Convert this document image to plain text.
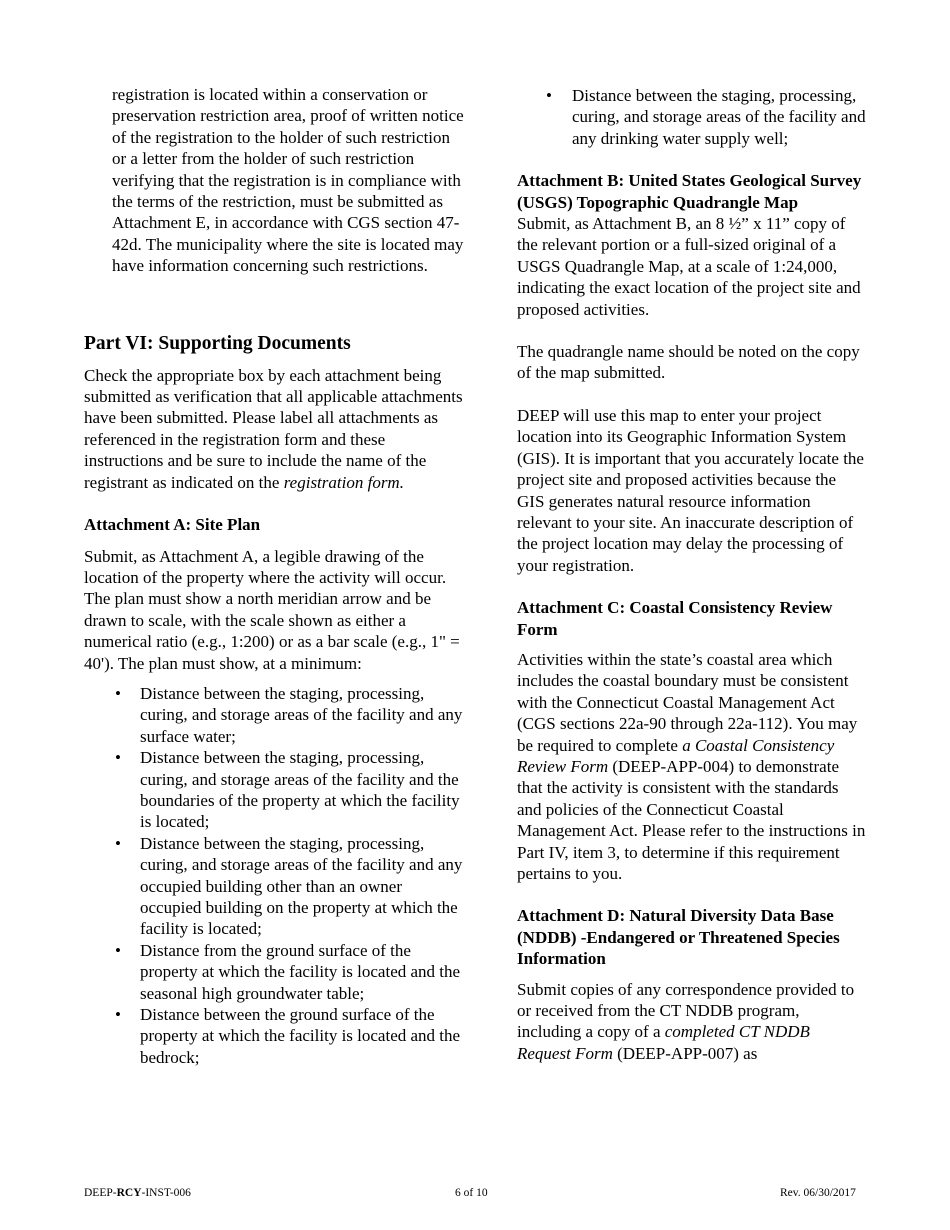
registration is located within a conservation or preservation restriction area, proof of written notice of the registration to the holder of such restriction or a letter from the holder of such restriction verifying that the registration is in compliance with the terms of the restriction, must be submitted as Attachment E, in accordance with CGS section 47-42d. The municipality where the site is located may have information concerning such restrictions.

Part VI: Supporting Documents

Check the appropriate box by each attachment being submitted as verification that all applicable attachments have been submitted. Please label all attachments as referenced in the registration form and these instructions and be sure to include the name of the registrant as indicated on the registration form.

Attachment A: Site Plan

Submit, as Attachment A, a legible drawing of the location of the property where the activity will occur. The plan must show a north meridian arrow and be drawn to scale, with the scale shown as either a numerical ratio (e.g., 1:200) or as a bar scale (e.g., 1" = 40'). The plan must show, at a minimum:

• Distance between the staging, processing, curing, and storage areas of the facility and any surface water;
• Distance between the staging, processing, curing, and storage areas of the facility and the boundaries of the property at which the facility is located;
• Distance between the staging, processing, curing, and storage areas of the facility and any occupied building other than an owner occupied building on the property at which the facility is located;
• Distance from the ground surface of the property at which the facility is located and the seasonal high groundwater table;
• Distance between the ground surface of the property at which the facility is located and the bedrock;
• Distance between the staging, processing, curing, and storage areas of the facility and any drinking water supply well;
Attachment B: United States Geological Survey (USGS) Topographic Quadrangle Map

Submit, as Attachment B, an 8 ½” x 11” copy of the relevant portion or a full-sized original of a USGS Quadrangle Map, at a scale of 1:24,000, indicating the exact location of the project site and proposed activities.

The quadrangle name should be noted on the copy of the map submitted.

DEEP will use this map to enter your project location into its Geographic Information System (GIS). It is important that you accurately locate the project site and proposed activities because the GIS generates natural resource information relevant to your site. An inaccurate description of the project location may delay the processing of your registration.

Attachment C: Coastal Consistency Review Form

Activities within the state’s coastal area which includes the coastal boundary must be consistent with the Connecticut Coastal Management Act (CGS sections 22a-90 through 22a-112). You may be required to complete a Coastal Consistency Review Form (DEEP-APP-004) to demonstrate that the activity is consistent with the standards and policies of the Connecticut Coastal Management Act. Please refer to the instructions in Part IV, item 3, to determine if this requirement pertains to you.

Attachment D: Natural Diversity Data Base (NDDB) -Endangered or Threatened Species Information

Submit copies of any correspondence provided to or received from the CT NDDB program, including a copy of a completed CT NDDB Request Form (DEEP-APP-007) as

DEEP-RCY-INST-006	6 of 10	Rev. 06/30/2017
